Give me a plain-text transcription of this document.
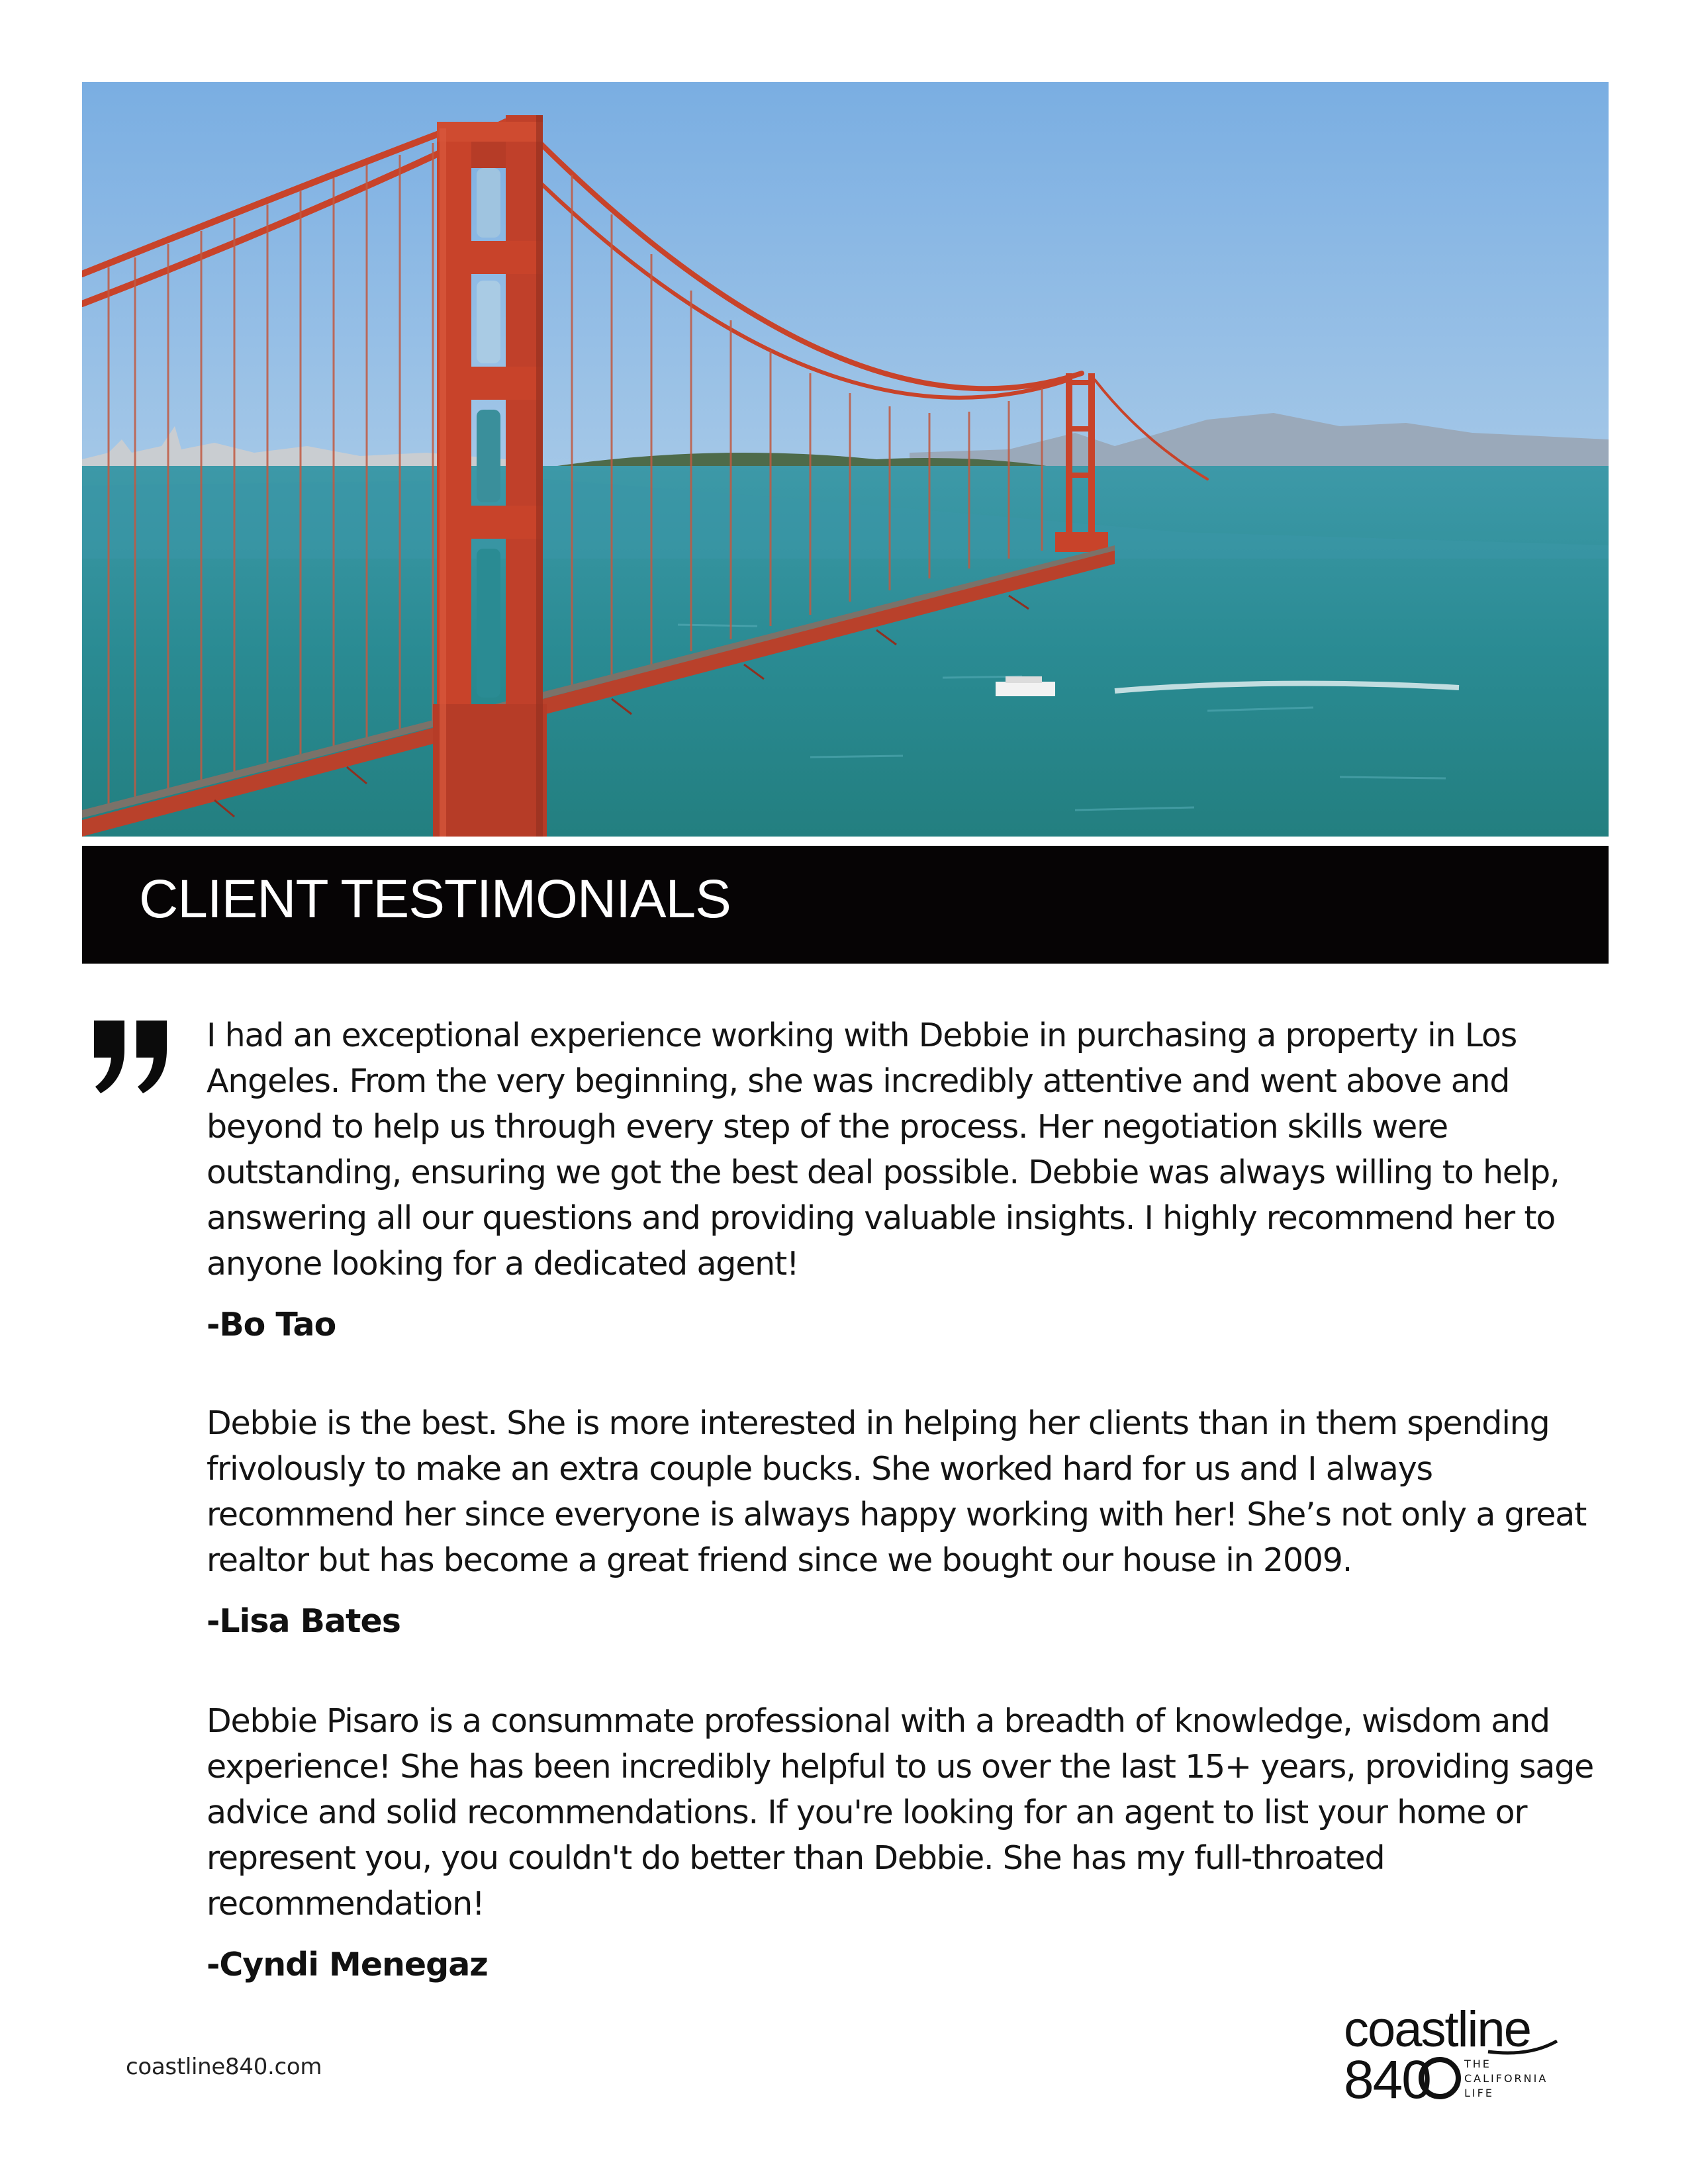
CLIENT TESTIMONIALS

I had an exceptional experience working with Debbie in purchasing a property in Los Angeles. From the very beginning, she was incredibly attentive and went above and beyond to help us through every step of the process. Her negotiation skills were outstanding, ensuring we got the best deal possible. Debbie was always willing to help, answering all our questions and providing valuable insights. I highly recommend her to anyone looking for a dedicated agent!

-Bo Tao

Debbie is the best. She is more interested in helping her clients than in them spending frivolously to make an extra couple bucks. She worked hard for us and I always recommend her since everyone is always happy working with her! She’s not only a great realtor but has become a great friend since we bought our house in 2009.

-Lisa Bates

Debbie Pisaro is a consummate professional with a breadth of knowledge, wisdom and experience! She has been incredibly helpful to us over the last 15+ years, providing sage advice and solid recommendations. If you're looking for an agent to list your home or represent you, you couldn't do better than Debbie. She has my full-throated recommendation!

-Cyndi Menegaz
coastline840.com
coastline
840	THE
CALIFORNIA
LIFE
